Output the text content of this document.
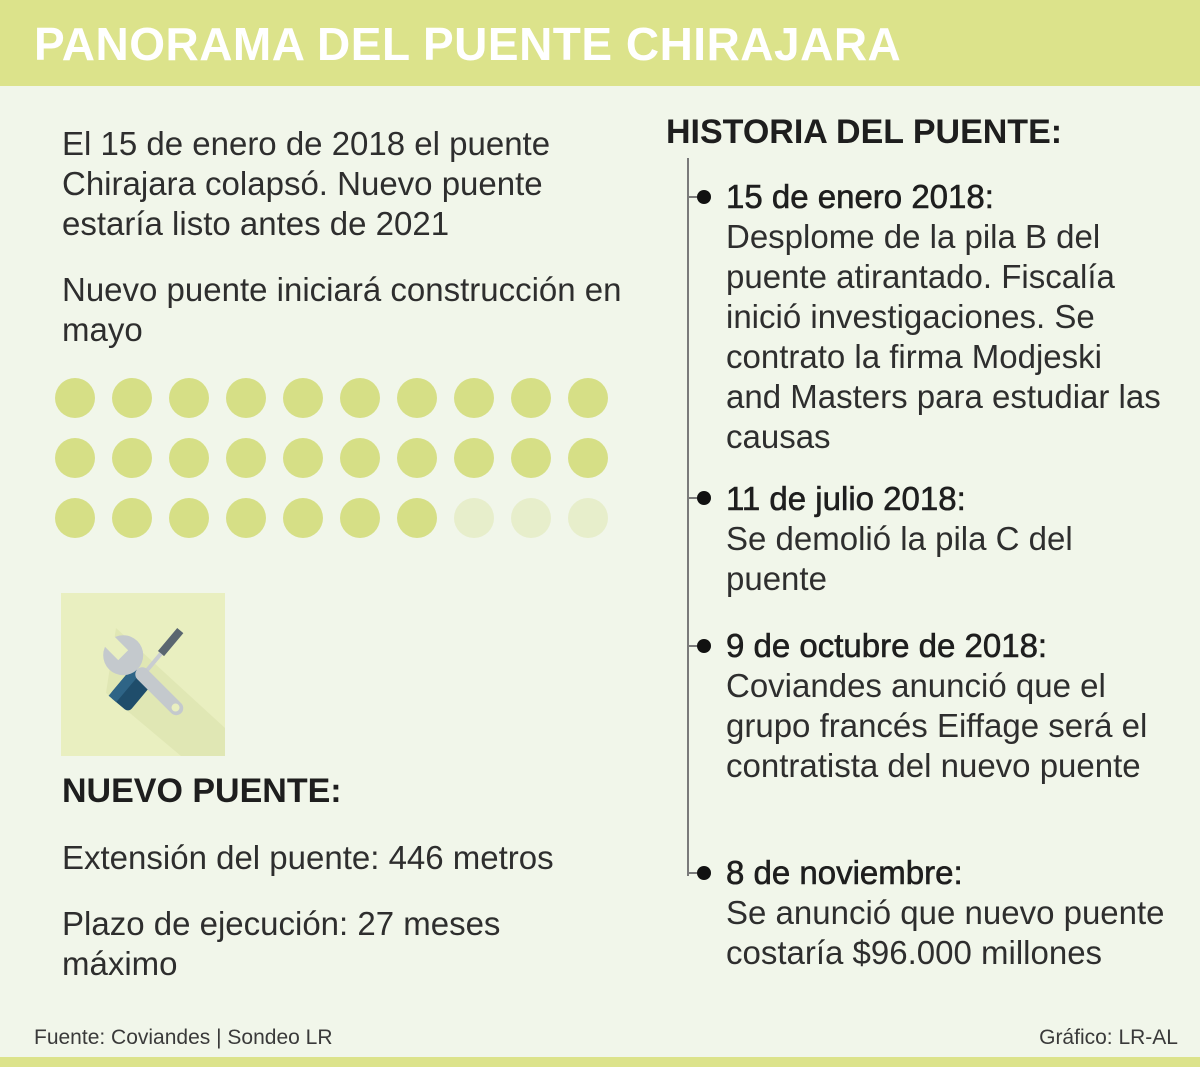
PANORAMA DEL PUENTE CHIRAJARA
El 15 de enero de 2018 el puente Chirajara colapsó. Nuevo puente estaría listo antes de 2021
Nuevo puente iniciará construcción en mayo
NUEVO PUENTE:
Extensión del puente: 446 metros
Plazo de ejecución: 27 meses máximo
HISTORIA DEL PUENTE:
15 de enero 2018:
Desplome de la pila B del puente atirantado. Fiscalía inició investigaciones. Se contrato la firma Modjeski and Masters para estudiar las causas
11 de julio 2018:
Se demolió la pila C del puente
9 de octubre de 2018:
Coviandes anunció que el grupo francés Eiffage será el contratista del nuevo puente
8 de noviembre:
Se anunció que nuevo puente costaría $96.000 millones
Fuente: Coviandes | Sondeo LR	Gráfico: LR-AL
